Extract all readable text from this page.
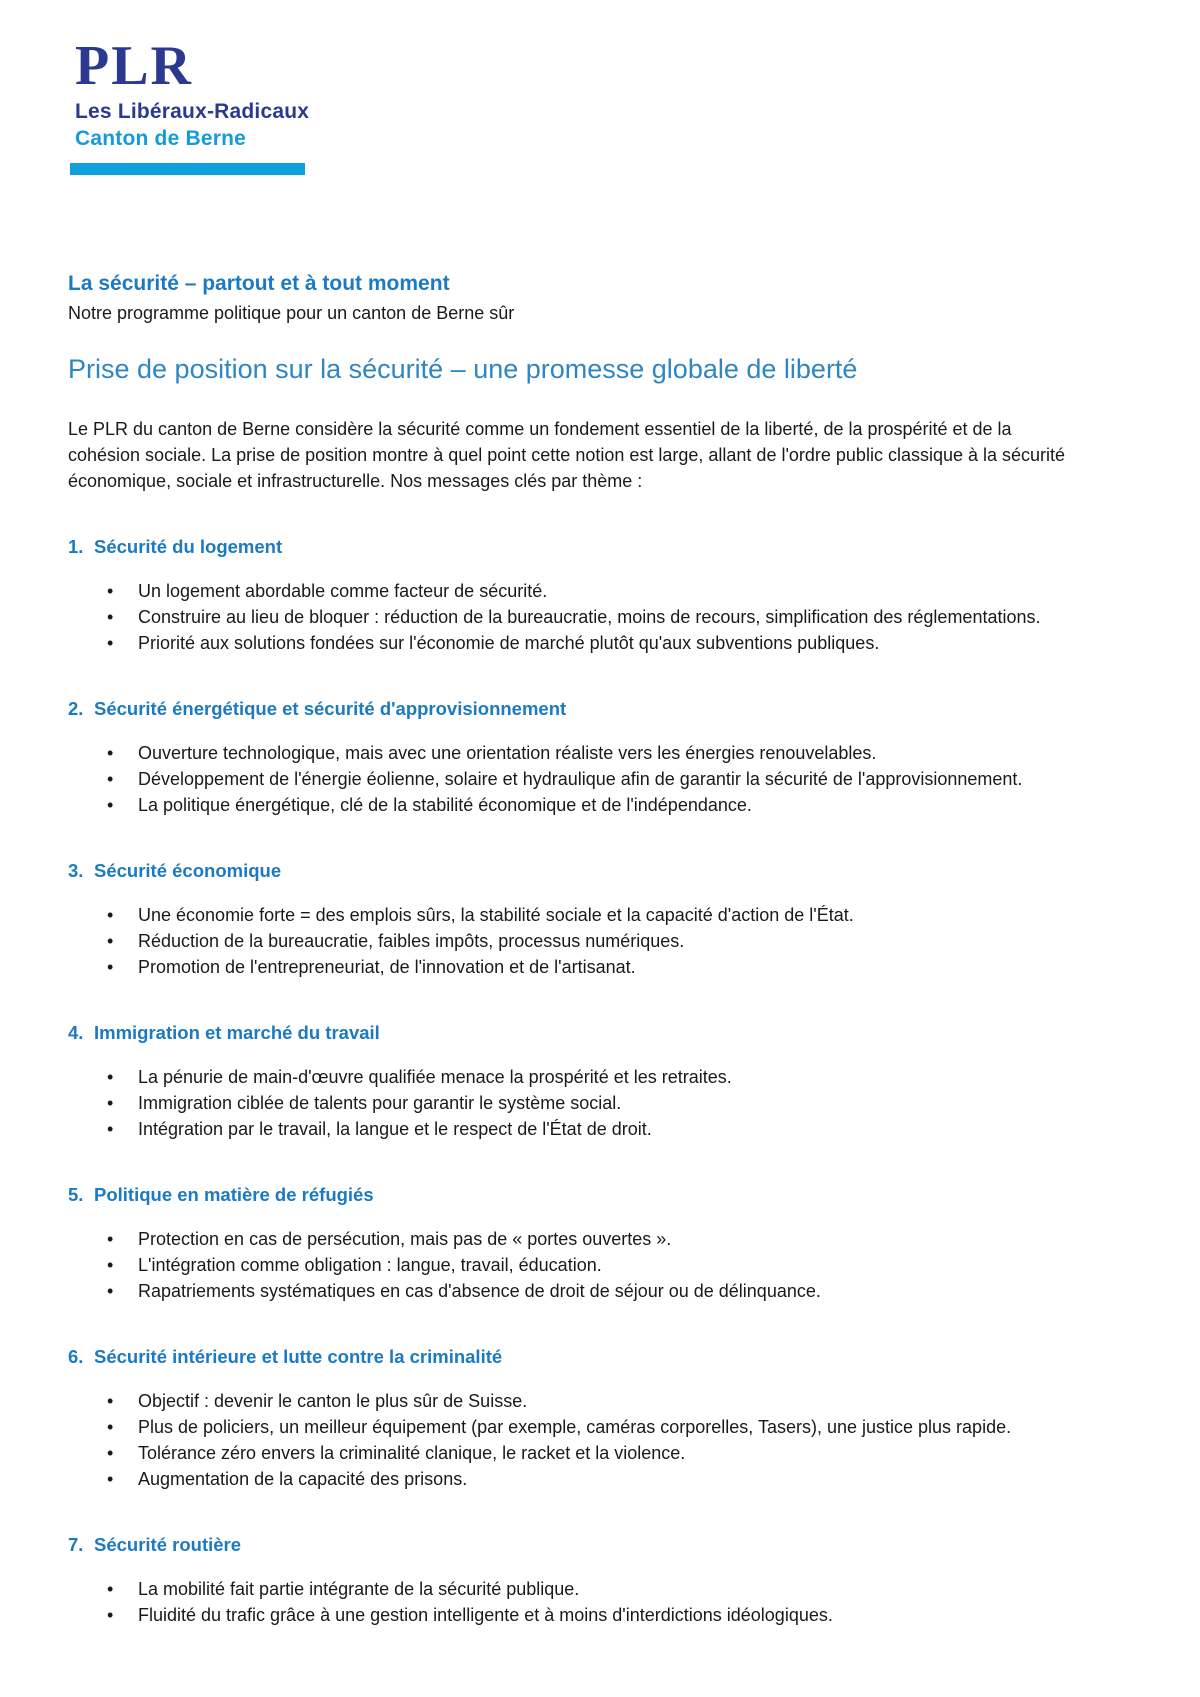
PLR
Les Libéraux-Radicaux
Canton de Berne
La sécurité – partout et à tout moment

Notre programme politique pour un canton de Berne sûr

Prise de position sur la sécurité – une promesse globale de liberté

Le PLR du canton de Berne considère la sécurité comme un fondement essentiel de la liberté, de la prospérité et de la cohésion sociale. La prise de position montre à quel point cette notion est large, allant de l'ordre public classique à la sécurité économique, sociale et infrastructurelle. Nos messages clés par thème :

1. Sécurité du logement
• Un logement abordable comme facteur de sécurité.
• Construire au lieu de bloquer : réduction de la bureaucratie, moins de recours, simplification des réglementations.
• Priorité aux solutions fondées sur l'économie de marché plutôt qu'aux subventions publiques.
2. Sécurité énergétique et sécurité d'approvisionnement
• Ouverture technologique, mais avec une orientation réaliste vers les énergies renouvelables.
• Développement de l'énergie éolienne, solaire et hydraulique afin de garantir la sécurité de l'approvisionnement.
• La politique énergétique, clé de la stabilité économique et de l'indépendance.
3. Sécurité économique
• Une économie forte = des emplois sûrs, la stabilité sociale et la capacité d'action de l'État.
• Réduction de la bureaucratie, faibles impôts, processus numériques.
• Promotion de l'entrepreneuriat, de l'innovation et de l'artisanat.
4. Immigration et marché du travail
• La pénurie de main-d'œuvre qualifiée menace la prospérité et les retraites.
• Immigration ciblée de talents pour garantir le système social.
• Intégration par le travail, la langue et le respect de l'État de droit.
5. Politique en matière de réfugiés
• Protection en cas de persécution, mais pas de « portes ouvertes ».
• L'intégration comme obligation : langue, travail, éducation.
• Rapatriements systématiques en cas d'absence de droit de séjour ou de délinquance.
6. Sécurité intérieure et lutte contre la criminalité
• Objectif : devenir le canton le plus sûr de Suisse.
• Plus de policiers, un meilleur équipement (par exemple, caméras corporelles, Tasers), une justice plus rapide.
• Tolérance zéro envers la criminalité clanique, le racket et la violence.
• Augmentation de la capacité des prisons.
7. Sécurité routière
• La mobilité fait partie intégrante de la sécurité publique.
• Fluidité du trafic grâce à une gestion intelligente et à moins d'interdictions idéologiques.
